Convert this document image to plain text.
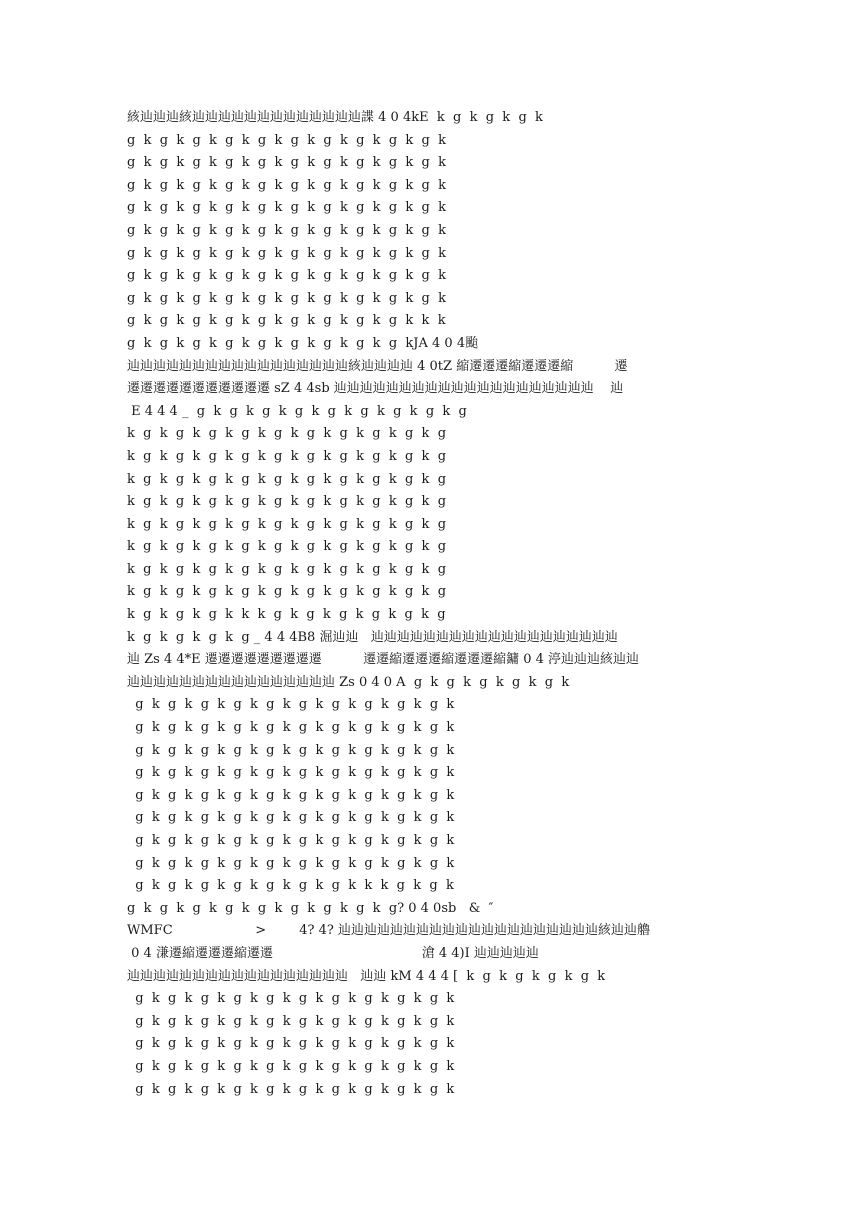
絯辿辿辿絯辿辿辿辿辿辿辿辿辿辿辿辿辿諜 4 0 4kE  k  g  k  g  k  g  k
g  k  g  k  g  k  g  k  g  k  g  k  g  k  g  k  g  k  g  k
g  k  g  k  g  k  g  k  g  k  g  k  g  k  g  k  g  k  g  k
g  k  g  k  g  k  g  k  g  k  g  k  g  k  g  k  g  k  g  k
g  k  g  k  g  k  g  k  g  k  g  k  g  k  g  k  g  k  g  k
g  k  g  k  g  k  g  k  g  k  g  k  g  k  g  k  g  k  g  k
g  k  g  k  g  k  g  k  g  k  g  k  g  k  g  k  g  k  g  k
g  k  g  k  g  k  g  k  g  k  g  k  g  k  g  k  g  k  g  k
g  k  g  k  g  k  g  k  g  k  g  k  g  k  g  k  g  k  g  k
g  k  g  k  g  k  g  k  g  k  g  k  g  k  g  k  g  k  k  k
g  k  g  k  g  k  g  k  g  k  g  k  g  k  g  k  g  kJA 4 0 4颱
辿辿辿辿辿辿辿辿辿辿辿辿辿辿辿辿辿絯辿辿辿辿 4 0tZ 縮遷遷遷縮遷遷遷縮          遷
遷遷遷遷遷遷遷遷遷遷遷 sZ 4 4sb 辿辿辿辿辿辿辿辿辿辿辿辿辿辿辿辿辿辿辿辿    辿
E 4 4 4 _  g  k  g  k  g  k  g  k  g  k  g  k  g  k  g  k  g
k  g  k  g  k  g  k  g  k  g  k  g  k  g  k  g  k  g  k  g
k  g  k  g  k  g  k  g  k  g  k  g  k  g  k  g  k  g  k  g
k  g  k  g  k  g  k  g  k  g  k  g  k  g  k  g  k  g  k  g
k  g  k  g  k  g  k  g  k  g  k  g  k  g  k  g  k  g  k  g
k  g  k  g  k  g  k  g  k  g  k  g  k  g  k  g  k  g  k  g
k  g  k  g  k  g  k  g  k  g  k  g  k  g  k  g  k  g  k  g
k  g  k  g  k  g  k  g  k  g  k  g  k  g  k  g  k  g  k  g
k  g  k  g  k  g  k  g  k  g  k  g  k  g  k  g  k  g  k  g
k  g  k  g  k  g  k  k  k  g  k  g  k  g  k  g  k  g  k  g
k  g  k  g  k  g  k  g _ 4 4 4B8 淈辿辿   辿辿辿辿辿辿辿辿辿辿辿辿辿辿辿辿辿辿辿
辿 Zs 4 4*E 遷遷遷遷遷遷遷遷遷          遷遷縮遷遷遷縮遷遷遷縮鏞 0 4 渟辿辿辿絯辿辿
辿辿辿辿辿辿辿辿辿辿辿辿辿辿辿辿 Zs 0 4 0 A  g  k  g  k  g  k  g  k  g  k
g  k  g  k  g  k  g  k  g  k  g  k  g  k  g  k  g  k  g  k
g  k  g  k  g  k  g  k  g  k  g  k  g  k  g  k  g  k  g  k
g  k  g  k  g  k  g  k  g  k  g  k  g  k  g  k  g  k  g  k
g  k  g  k  g  k  g  k  g  k  g  k  g  k  g  k  g  k  g  k
g  k  g  k  g  k  g  k  g  k  g  k  g  k  g  k  g  k  g  k
g  k  g  k  g  k  g  k  g  k  g  k  g  k  g  k  g  k  g  k
g  k  g  k  g  k  g  k  g  k  g  k  g  k  g  k  g  k  g  k
g  k  g  k  g  k  g  k  g  k  g  k  g  k  g  k  g  k  g  k
g  k  g  k  g  k  g  k  g  k  g  k  g  k  k  k  g  k  g  k
g  k  g  k  g  k  g  k  g  k  g  k  g  k  g  k  g? 0 4 0sb   &  ″
WMFC                    >        4? 4? 辿辿辿辿辿辿辿辿辿辿辿辿辿辿辿辿辿辿辿辿絯辿辿艪
0 4 溓遷縮遷遷遷縮遷遷                                    滄 4 4)I 辿辿辿辿辿
辿辿辿辿辿辿辿辿辿辿辿辿辿辿辿辿辿   辿辿 kM 4 4 4 [  k  g  k  g  k  g  k  g  k
g  k  g  k  g  k  g  k  g  k  g  k  g  k  g  k  g  k  g  k
g  k  g  k  g  k  g  k  g  k  g  k  g  k  g  k  g  k  g  k
g  k  g  k  g  k  g  k  g  k  g  k  g  k  g  k  g  k  g  k
g  k  g  k  g  k  g  k  g  k  g  k  g  k  g  k  g  k  g  k
g  k  g  k  g  k  g  k  g  k  g  k  g  k  g  k  g  k  g  k
